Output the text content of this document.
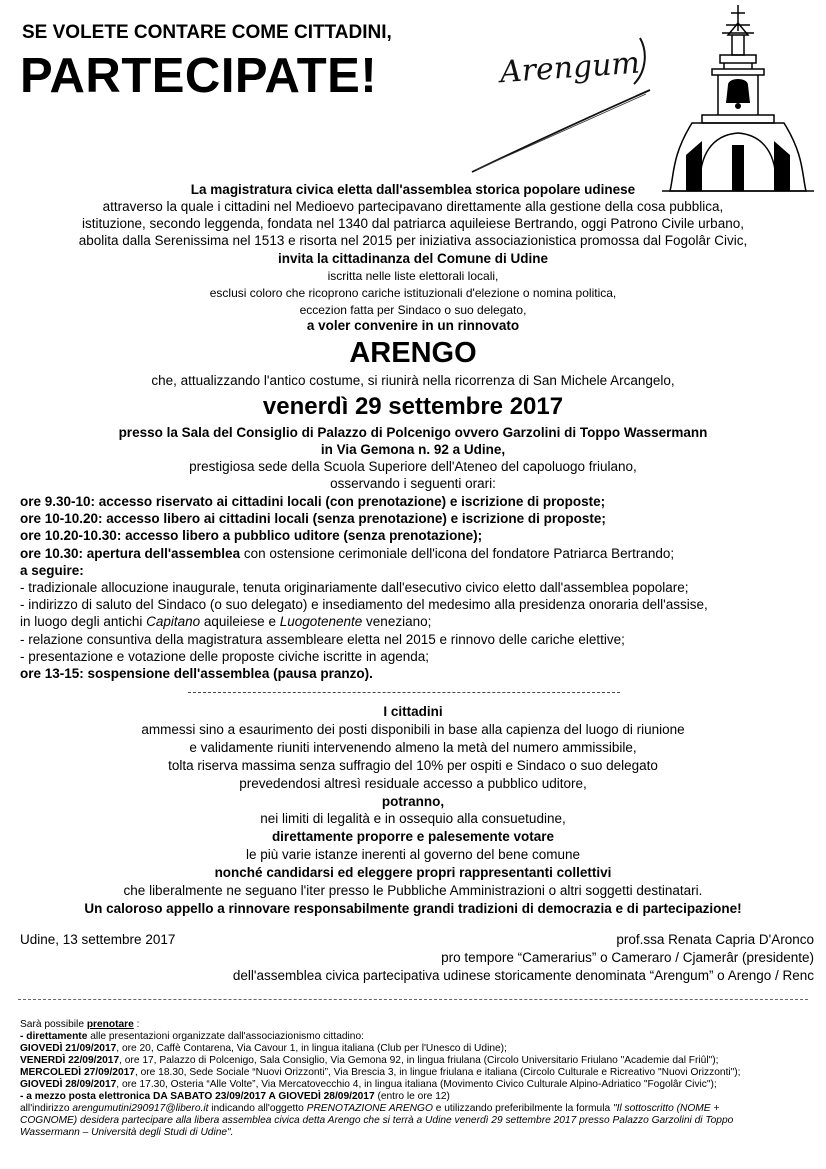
SE VOLETE CONTARE COME CITTADINI,
PARTECIPATE!	Arengum
La magistratura civica eletta dall'assemblea storica popolare udinese
attraverso la quale i cittadini nel Medioevo partecipavano direttamente alla gestione della cosa pubblica,
istituzione, secondo leggenda, fondata nel 1340 dal patriarca aquileiese Bertrando, oggi Patrono Civile urbano,
abolita dalla Serenissima nel 1513 e risorta nel 2015 per iniziativa associazionistica promossa dal Fogolâr Civic,
invita la cittadinanza del Comune di Udine
iscritta nelle liste elettorali locali,
esclusi coloro che ricoprono cariche istituzionali d'elezione o nomina politica,
eccezion fatta per Sindaco o suo delegato,
a voler convenire in un rinnovato
ARENGO
che, attualizzando l'antico costume, si riunirà nella ricorrenza di San Michele Arcangelo,
venerdì 29 settembre 2017
presso la Sala del Consiglio di Palazzo di Polcenigo ovvero Garzolini di Toppo Wassermann
in Via Gemona n. 92 a Udine,
prestigiosa sede della Scuola Superiore dell'Ateneo del capoluogo friulano,
osservando i seguenti orari:
ore 9.30-10: accesso riservato ai cittadini locali (con prenotazione) e iscrizione di proposte;
ore 10-10.20: accesso libero ai cittadini locali (senza prenotazione) e iscrizione di proposte;
ore 10.20-10.30: accesso libero a pubblico uditore (senza prenotazione);
ore 10.30: apertura dell'assemblea con ostensione cerimoniale dell'icona del fondatore Patriarca Bertrando;
a seguire:
- tradizionale allocuzione inaugurale, tenuta originariamente dall'esecutivo civico eletto dall'assemblea popolare;
- indirizzo di saluto del Sindaco (o suo delegato) e insediamento del medesimo alla presidenza onoraria dell'assise,
in luogo degli antichi Capitano aquileiese e Luogotenente veneziano;
- relazione consuntiva della magistratura assembleare eletta nel 2015 e rinnovo delle cariche elettive;
- presentazione e votazione delle proposte civiche iscritte in agenda;
ore 13-15: sospensione dell'assemblea (pausa pranzo).
I cittadini
ammessi sino a esaurimento dei posti disponibili in base alla capienza del luogo di riunione
e validamente riuniti intervenendo almeno la metà del numero ammissibile,
tolta riserva massima senza suffragio del 10% per ospiti e Sindaco o suo delegato
prevedendosi altresì residuale accesso a pubblico uditore,
potranno,
nei limiti di legalità e in ossequio alla consuetudine,
direttamente proporre e palesemente votare
le più varie istanze inerenti al governo del bene comune
nonché candidarsi ed eleggere propri rappresentanti collettivi
che liberalmente ne seguano l'iter presso le Pubbliche Amministrazioni o altri soggetti destinatari.
Un caloroso appello a rinnovare responsabilmente grandi tradizioni di democrazia e di partecipazione!
Udine, 13 settembre 2017	prof.ssa Renata Capria D'Aronco
pro tempore “Camerarius” o Cameraro / Cjamerâr (presidente)
dell'assemblea civica partecipativa udinese storicamente denominata “Arengum” o Arengo / Renc
Sarà possibile prenotare :
- direttamente alle presentazioni organizzate dall'associazionismo cittadino:
GIOVEDÌ 21/09/2017, ore 20, Caffè Contarena, Via Cavour 1, in lingua italiana (Club per l'Unesco di Udine);
VENERDÌ 22/09/2017, ore 17, Palazzo di Polcenigo, Sala Consiglio, Via Gemona 92, in lingua friulana (Circolo Universitario Friulano "Academie dal Friûl");
MERCOLEDÌ 27/09/2017, ore 18.30, Sede Sociale “Nuovi Orizzonti”, Via Brescia 3, in lingue friulana e italiana (Circolo Culturale e Ricreativo "Nuovi Orizzonti");
GIOVEDÌ 28/09/2017, ore 17.30, Osteria “Alle Volte”, Via Mercatovecchio 4, in lingua italiana (Movimento Civico Culturale Alpino-Adriatico "Fogolâr Civic");
- a mezzo posta elettronica DA SABATO 23/09/2017 A GIOVEDÌ 28/09/2017 (entro le ore 12)
all'indirizzo arengumutini290917@libero.it indicando all'oggetto PRENOTAZIONE ARENGO e utilizzando preferibilmente la formula "Il sottoscritto (NOME +
COGNOME) desidera partecipare alla libera assemblea civica detta Arengo che si terrà a Udine venerdì 29 settembre 2017 presso Palazzo Garzolini di Toppo
Wassermann – Università degli Studi di Udine".
